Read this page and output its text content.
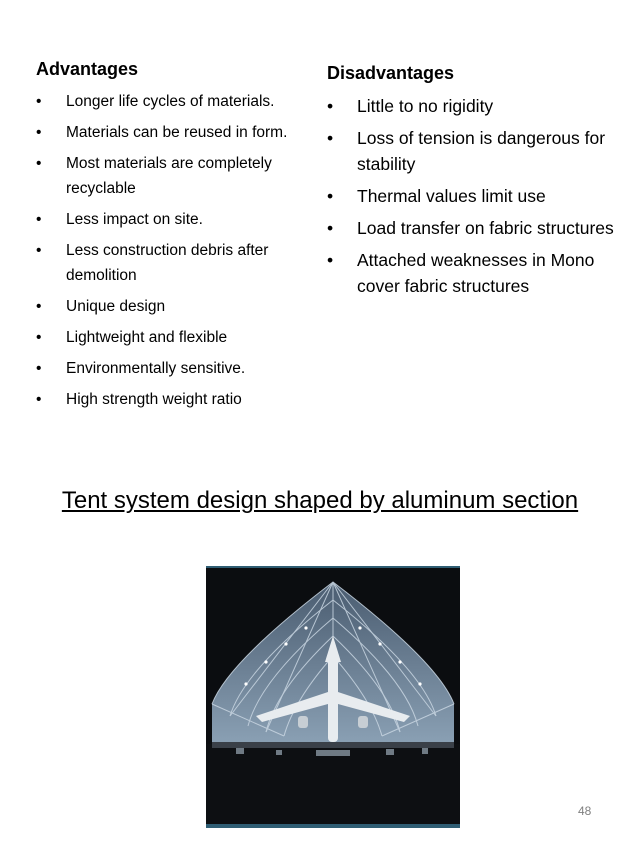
Advantages
• Longer life cycles of materials.
• Materials can be reused in form.
• Most materials are completely recyclable
• Less impact on site.
• Less construction debris after demolition
• Unique design
• Lightweight and flexible
• Environmentally sensitive.
• High strength weight ratio
Disadvantages
• Little to no rigidity
• Loss of tension is dangerous for stability
• Thermal values limit use
• Load transfer on fabric structures
• Attached weaknesses in Mono cover fabric structures
Tent system design shaped by aluminum section
48
